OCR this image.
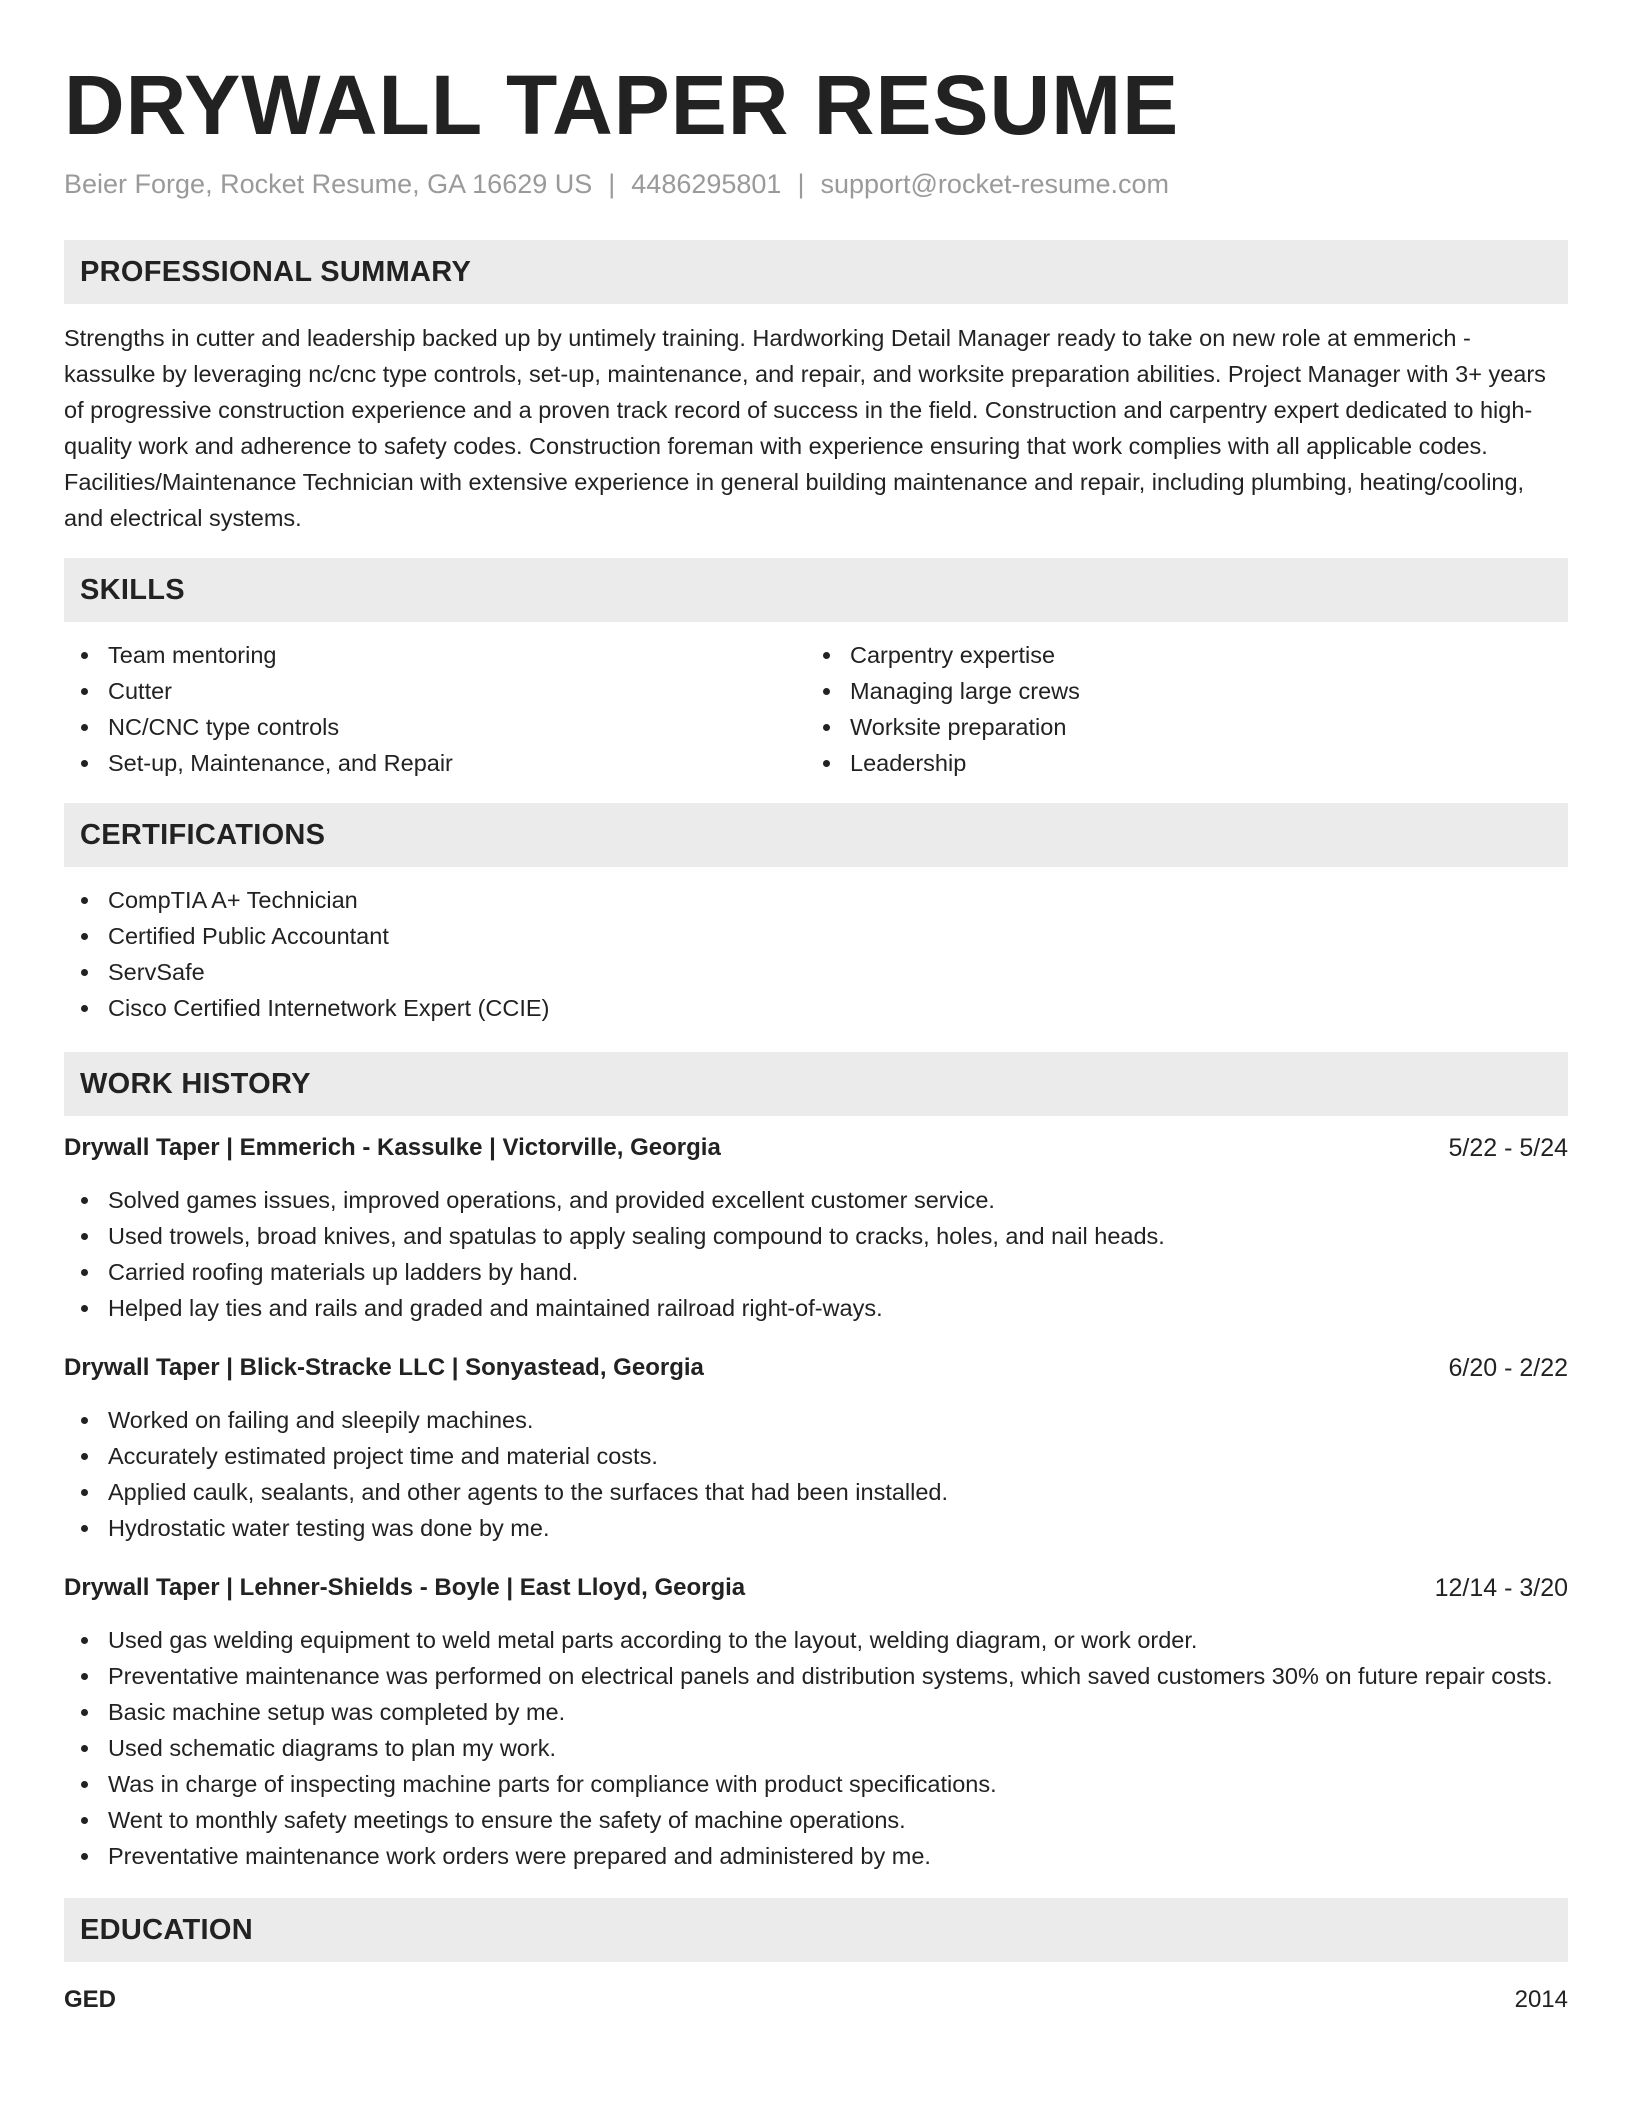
DRYWALL TAPER RESUME
Beier Forge, Rocket Resume, GA 16629 US | 4486295801 | support@rocket-resume.com
PROFESSIONAL SUMMARY

Strengths in cutter and leadership backed up by untimely training. Hardworking Detail Manager ready to take on new role at emmerich - kassulke by leveraging nc/cnc type controls, set-up, maintenance, and repair, and worksite preparation abilities. Project Manager with 3+ years of progressive construction experience and a proven track record of success in the field. Construction and carpentry expert dedicated to high-quality work and adherence to safety codes. Construction foreman with experience ensuring that work complies with all applicable codes. Facilities/Maintenance Technician with extensive experience in general building maintenance and repair, including plumbing, heating/cooling, and electrical systems.

SKILLS
Team mentoring
Cutter
NC/CNC type controls
Set-up, Maintenance, and Repair
Carpentry expertise
Managing large crews
Worksite preparation
Leadership
CERTIFICATIONS
CompTIA A+ Technician
Certified Public Accountant
ServSafe
Cisco Certified Internetwork Expert (CCIE)
WORK HISTORY
Drywall Taper | Emmerich - Kassulke | Victorville, Georgia	5/22 - 5/24
Solved games issues, improved operations, and provided excellent customer service.
Used trowels, broad knives, and spatulas to apply sealing compound to cracks, holes, and nail heads.
Carried roofing materials up ladders by hand.
Helped lay ties and rails and graded and maintained railroad right-of-ways.
Drywall Taper | Blick-Stracke LLC | Sonyastead, Georgia	6/20 - 2/22
Worked on failing and sleepily machines.
Accurately estimated project time and material costs.
Applied caulk, sealants, and other agents to the surfaces that had been installed.
Hydrostatic water testing was done by me.
Drywall Taper | Lehner-Shields - Boyle | East Lloyd, Georgia	12/14 - 3/20
Used gas welding equipment to weld metal parts according to the layout, welding diagram, or work order.
Preventative maintenance was performed on electrical panels and distribution systems, which saved customers 30% on future repair costs.
Basic machine setup was completed by me.
Used schematic diagrams to plan my work.
Was in charge of inspecting machine parts for compliance with product specifications.
Went to monthly safety meetings to ensure the safety of machine operations.
Preventative maintenance work orders were prepared and administered by me.
EDUCATION
GED	2014
